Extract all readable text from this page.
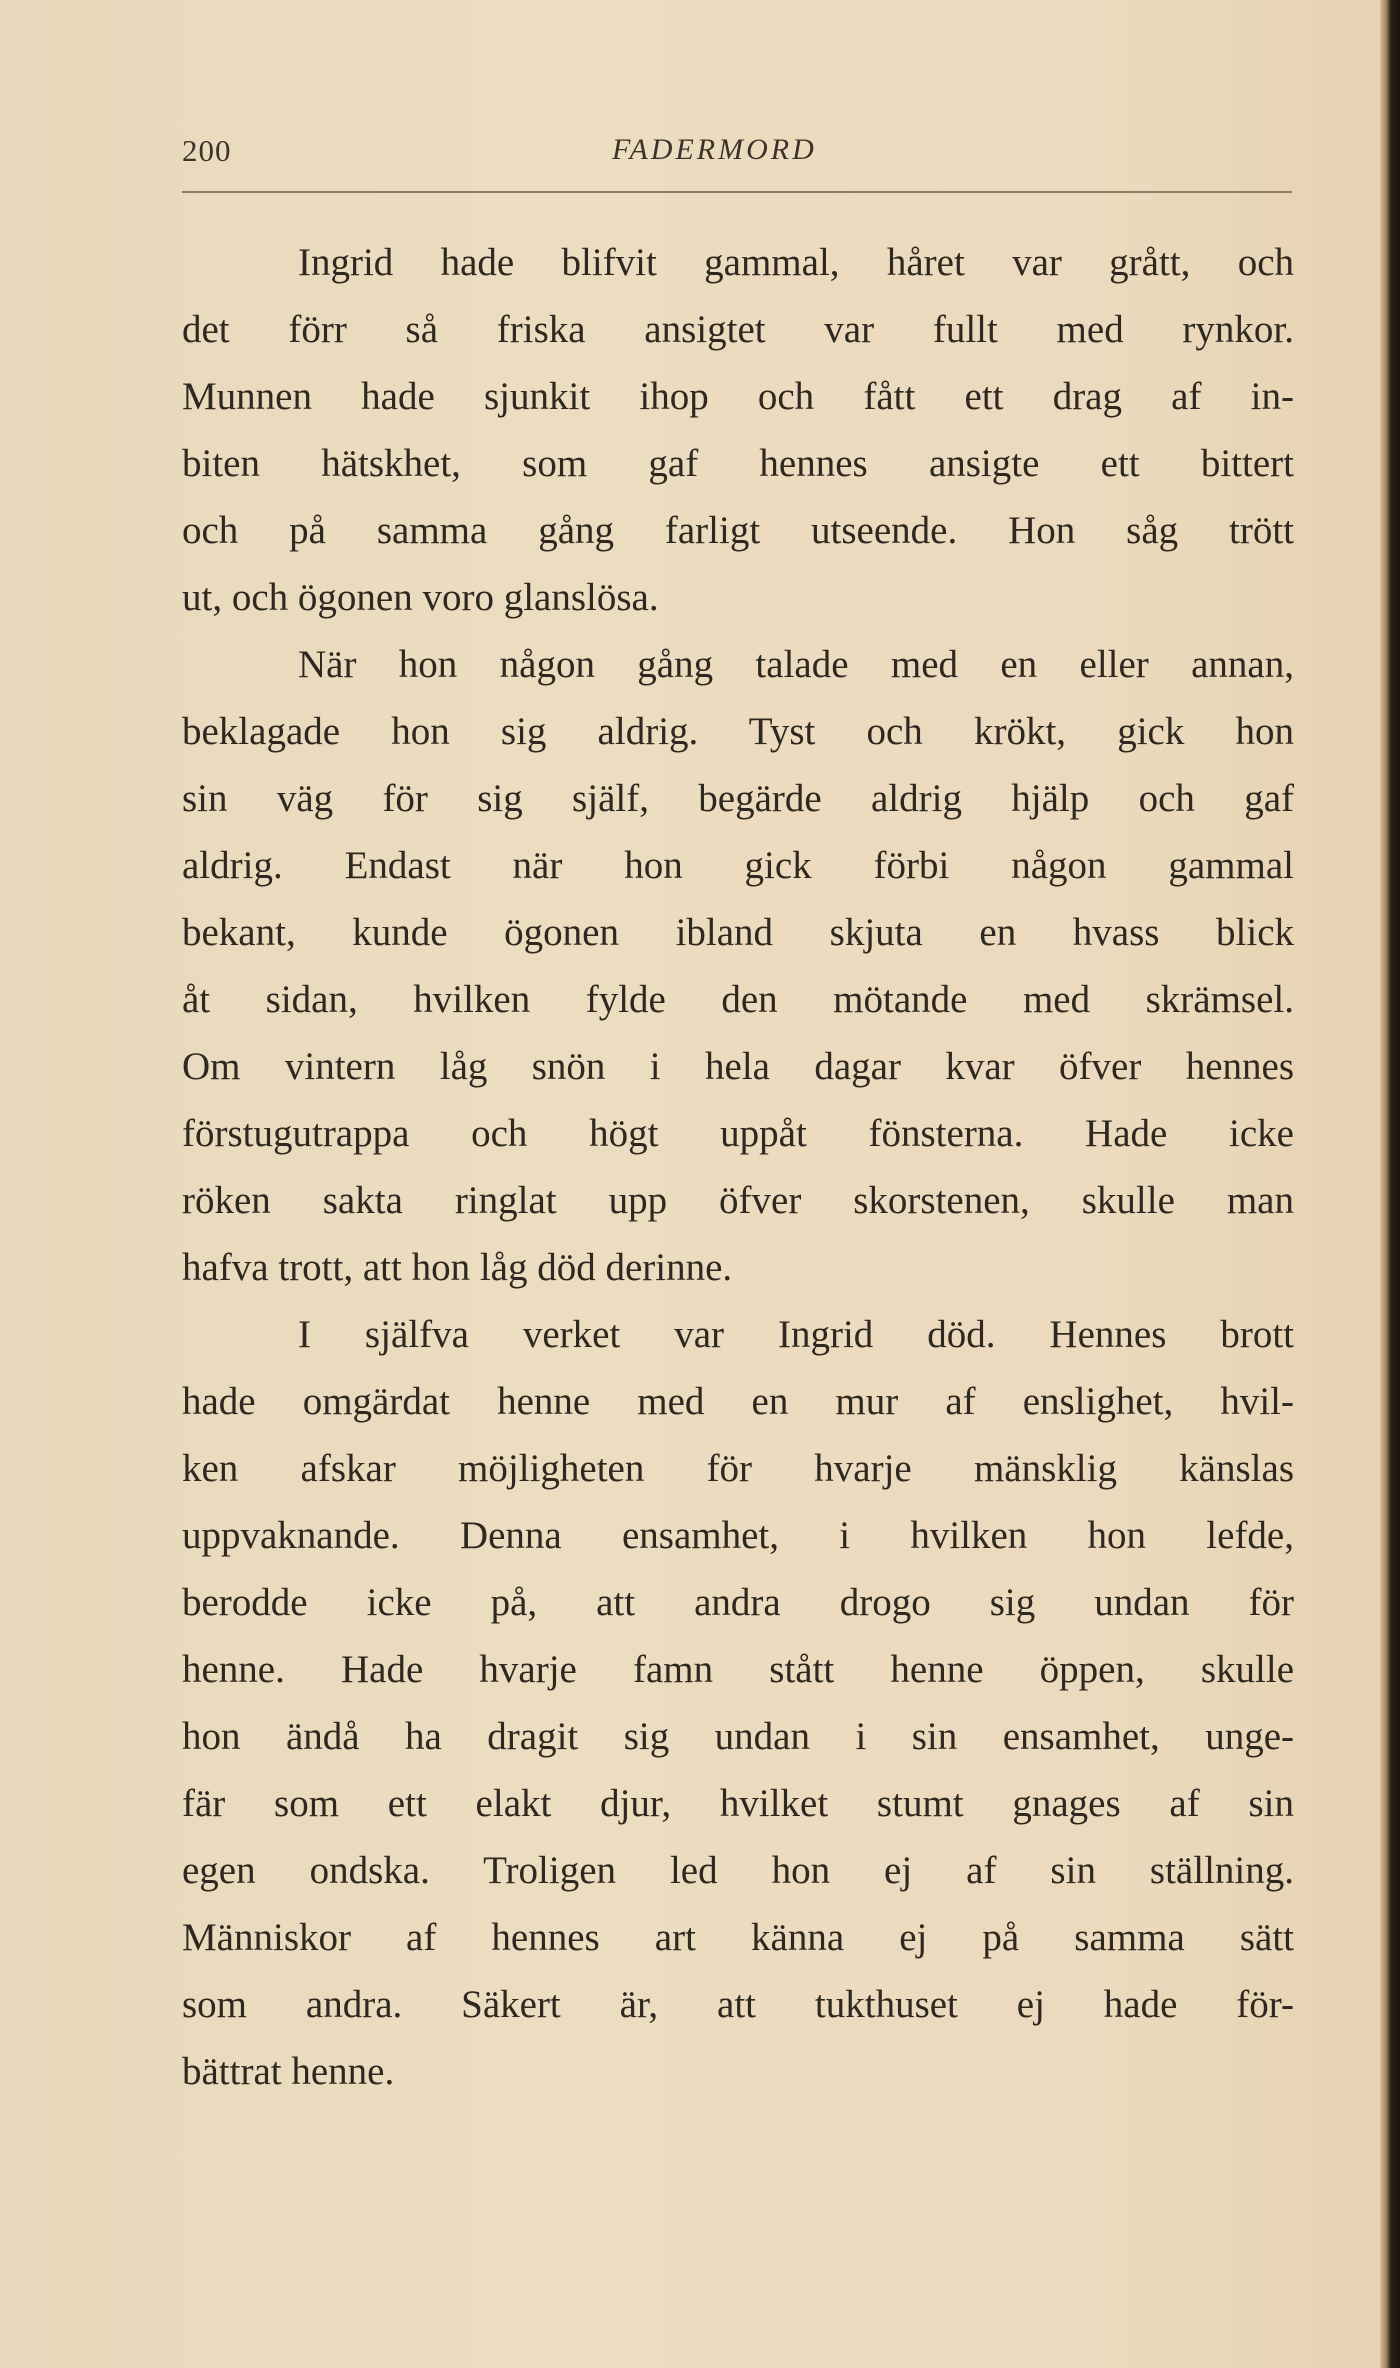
200	FADERMORD
Ingrid hade blifvit gammal, håret var grått, och
det förr så friska ansigtet var fullt med rynkor.
Munnen hade sjunkit ihop och fått ett drag af in-
biten hätskhet, som gaf hennes ansigte ett bittert
och på samma gång farligt utseende. Hon såg trött
ut, och ögonen voro glanslösa.
När hon någon gång talade med en eller annan,
beklagade hon sig aldrig. Tyst och krökt, gick hon
sin väg för sig själf, begärde aldrig hjälp och gaf
aldrig. Endast när hon gick förbi någon gammal
bekant, kunde ögonen ibland skjuta en hvass blick
åt sidan, hvilken fylde den mötande med skrämsel.
Om vintern låg snön i hela dagar kvar öfver hennes
förstugutrappa och högt uppåt fönsterna. Hade icke
röken sakta ringlat upp öfver skorstenen, skulle man
hafva trott, att hon låg död derinne.
I själfva verket var Ingrid död. Hennes brott
hade omgärdat henne med en mur af enslighet, hvil-
ken afskar möjligheten för hvarje mänsklig känslas
uppvaknande. Denna ensamhet, i hvilken hon lefde,
berodde icke på, att andra drogo sig undan för
henne. Hade hvarje famn stått henne öppen, skulle
hon ändå ha dragit sig undan i sin ensamhet, unge-
fär som ett elakt djur, hvilket stumt gnages af sin
egen ondska. Troligen led hon ej af sin ställning.
Människor af hennes art känna ej på samma sätt
som andra. Säkert är, att tukthuset ej hade för-
bättrat henne.
